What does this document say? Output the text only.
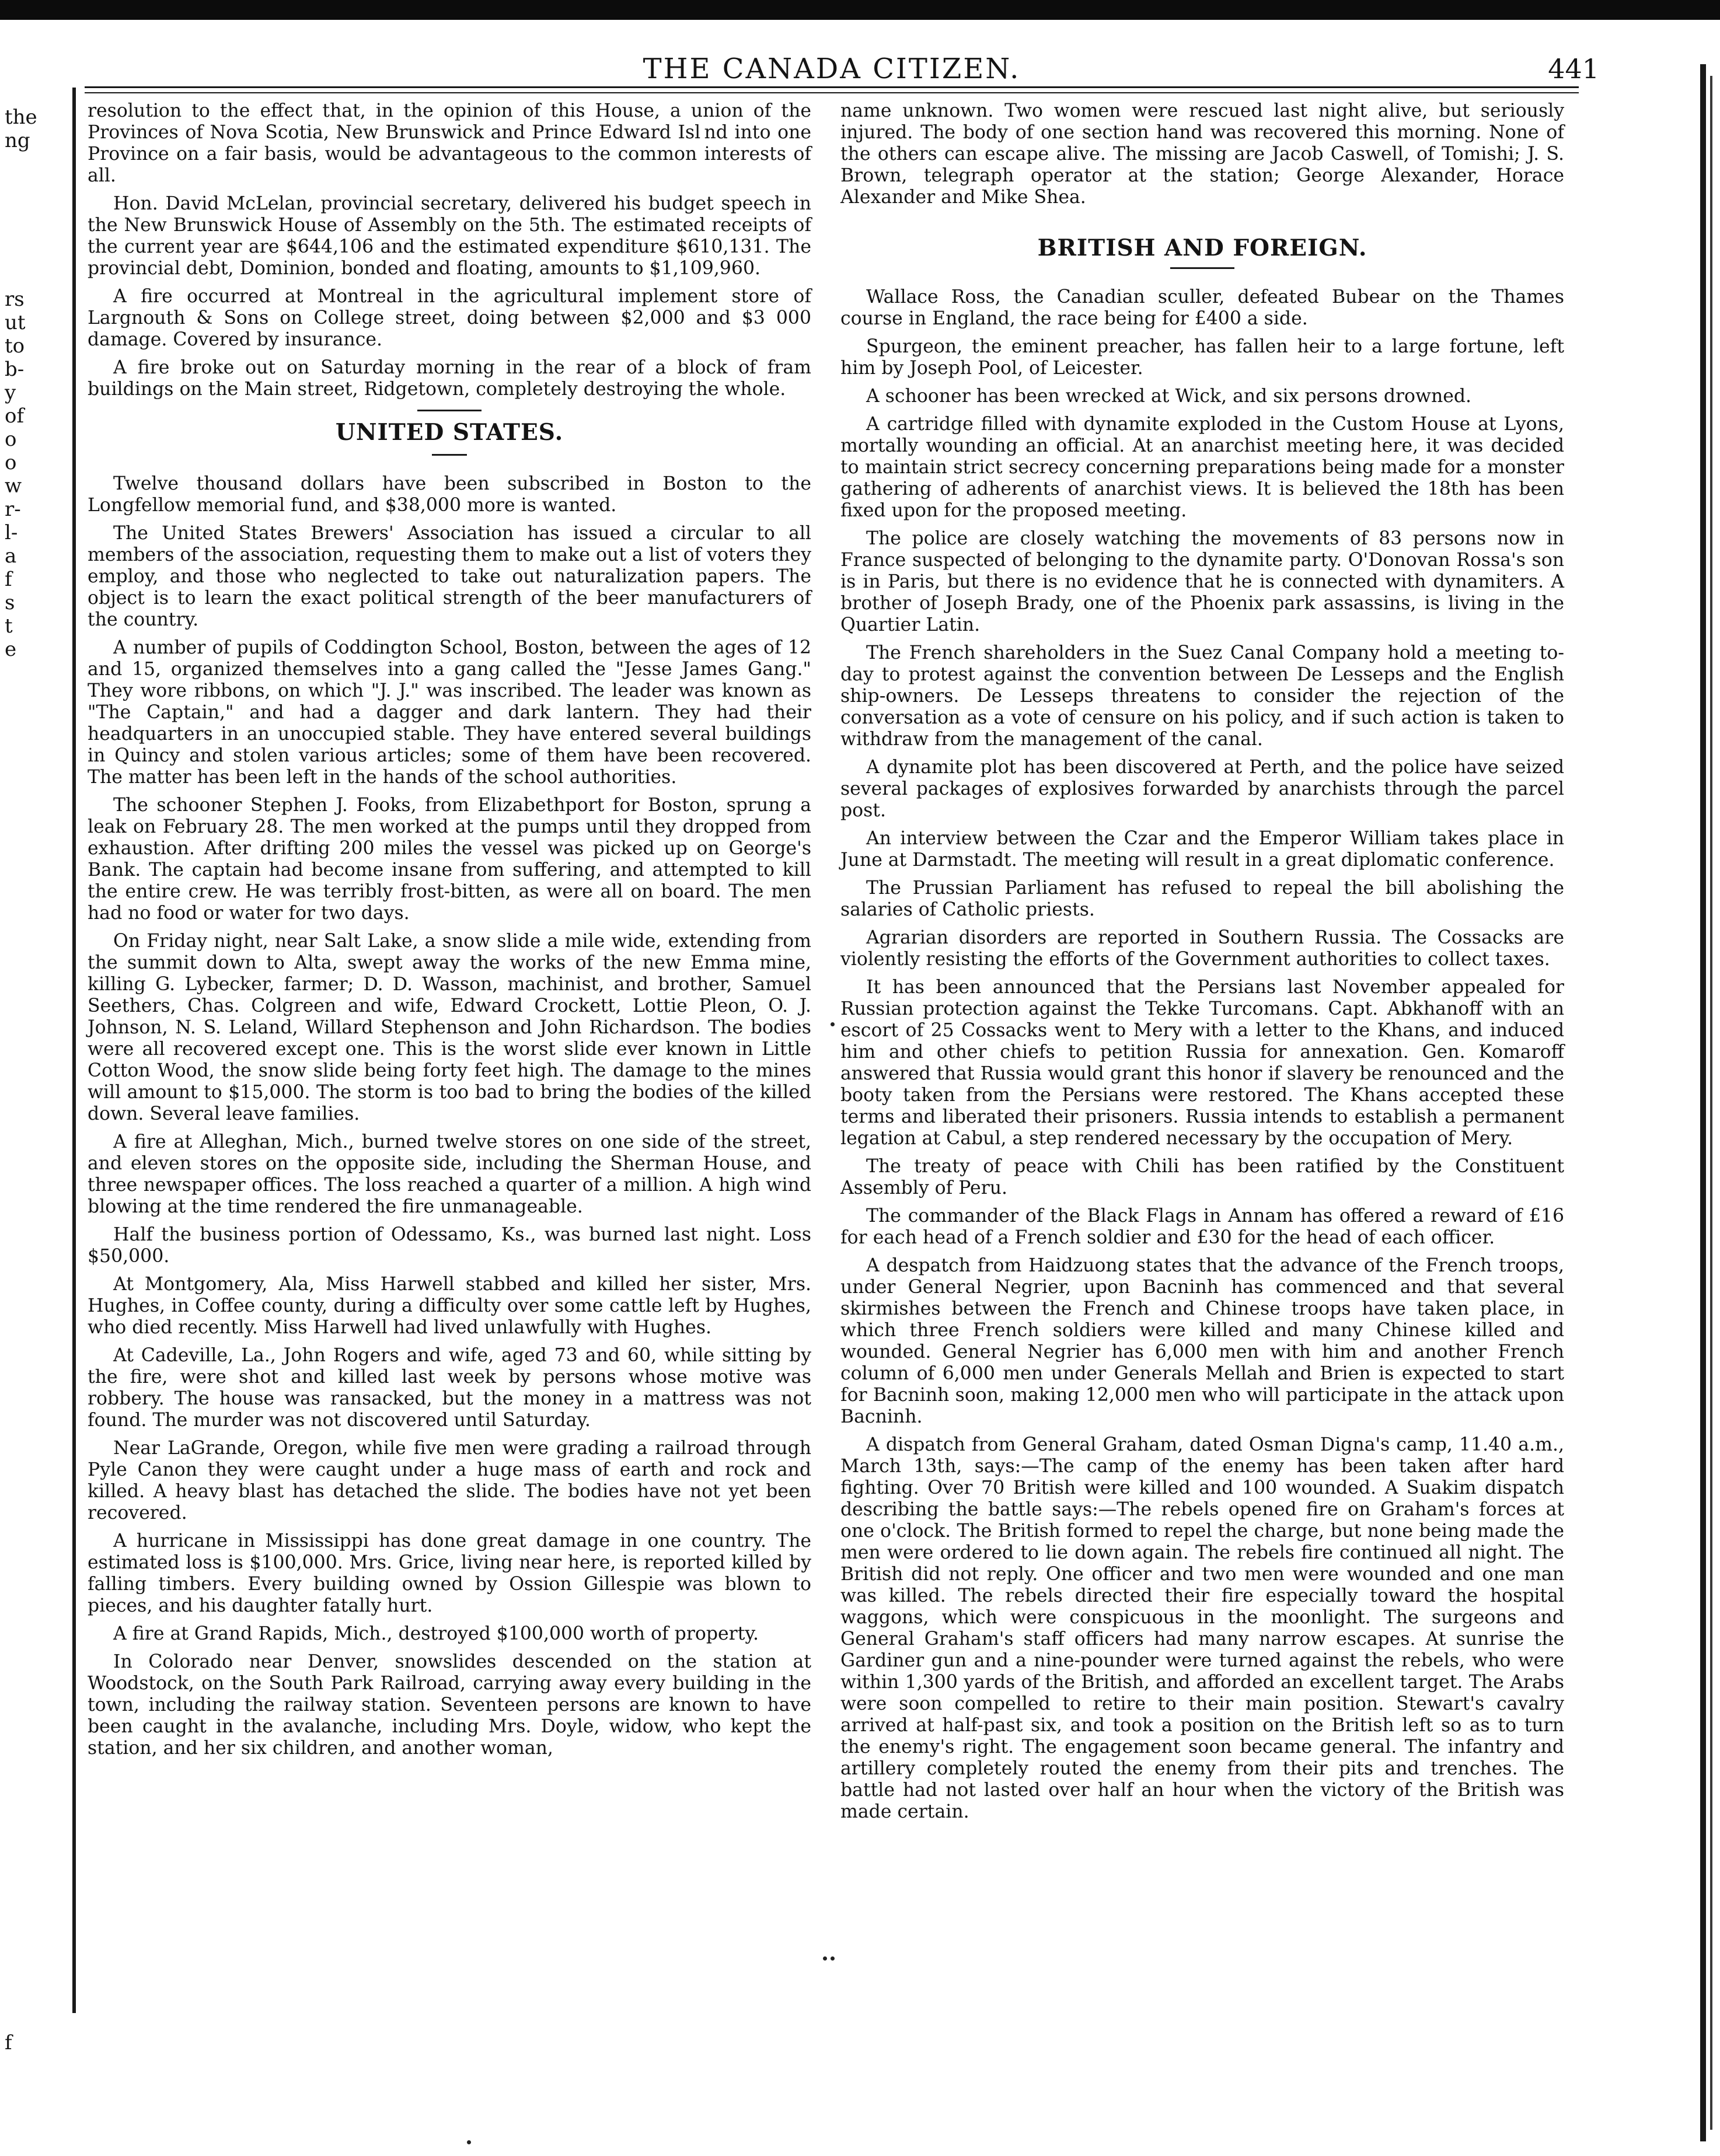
the
ng
rs
ut
to
b-
y
of
o
o
w
r-
l-
a
f
s
t
e
f
THE CANADA CITIZEN.	441

resolution to the effect that, in the opinion of this House, a union of the Provinces of Nova Scotia, New Brunswick and Prince Edward Isl nd into one Province on a fair basis, would be advantageous to the common interests of all.

Hon. David McLelan, provincial secretary, delivered his budget speech in the New Brunswick House of Assembly on the 5th. The estimated receipts of the current year are $644,106 and the estimated expenditure $610,131. The provincial debt, Dominion, bonded and floating, amounts to $1,109,960.

A fire occurred at Montreal in the agricultural implement store of Largnouth & Sons on College street, doing between $2,000 and $3 000 damage. Covered by insurance.

A fire broke out on Saturday morning in the rear of a block of fram buildings on the Main street, Ridgetown, completely destroying the whole.

UNITED STATES.

Twelve thousand dollars have been subscribed in Boston to the Longfellow memorial fund, and $38,000 more is wanted.

The United States Brewers' Association has issued a circular to all members of the association, requesting them to make out a list of voters they employ, and those who neglected to take out naturalization papers. The object is to learn the exact political strength of the beer manufacturers of the country.

A number of pupils of Coddington School, Boston, between the ages of 12 and 15, organized themselves into a gang called the "Jesse James Gang." They wore ribbons, on which "J. J." was inscribed. The leader was known as "The Captain," and had a dagger and dark lantern. They had their headquarters in an unoccupied stable. They have entered several buildings in Quincy and stolen various articles; some of them have been recovered. The matter has been left in the hands of the school authorities.

The schooner Stephen J. Fooks, from Elizabethport for Boston, sprung a leak on February 28. The men worked at the pumps until they dropped from exhaustion. After drifting 200 miles the vessel was picked up on George's Bank. The captain had become insane from suffering, and attempted to kill the entire crew. He was terribly frost-bitten, as were all on board. The men had no food or water for two days.

On Friday night, near Salt Lake, a snow slide a mile wide, extending from the summit down to Alta, swept away the works of the new Emma mine, killing G. Lybecker, farmer; D. D. Wasson, machinist, and brother, Samuel Seethers, Chas. Colgreen and wife, Edward Crockett, Lottie Pleon, O. J. Johnson, N. S. Leland, Willard Stephenson and John Richardson. The bodies were all recovered except one. This is the worst slide ever known in Little Cotton Wood, the snow slide being forty feet high. The damage to the mines will amount to $15,000. The storm is too bad to bring the bodies of the killed down. Several leave families.

A fire at Alleghan, Mich., burned twelve stores on one side of the street, and eleven stores on the opposite side, including the Sherman House, and three newspaper offices. The loss reached a quarter of a million. A high wind blowing at the time rendered the fire unmanageable.

Half the business portion of Odessamo, Ks., was burned last night. Loss $50,000.

At Montgomery, Ala, Miss Harwell stabbed and killed her sister, Mrs. Hughes, in Coffee county, during a difficulty over some cattle left by Hughes, who died recently. Miss Harwell had lived unlawfully with Hughes.

At Cadeville, La., John Rogers and wife, aged 73 and 60, while sitting by the fire, were shot and killed last week by persons whose motive was robbery. The house was ransacked, but the money in a mattress was not found. The murder was not discovered until Saturday.

Near LaGrande, Oregon, while five men were grading a railroad through Pyle Canon they were caught under a huge mass of earth and rock and killed. A heavy blast has detached the slide. The bodies have not yet been recovered.

A hurricane in Mississippi has done great damage in one country. The estimated loss is $100,000. Mrs. Grice, living near here, is reported killed by falling timbers. Every building owned by Ossion Gillespie was blown to pieces, and his daughter fatally hurt.

A fire at Grand Rapids, Mich., destroyed $100,000 worth of property.

In Colorado near Denver, snowslides descended on the station at Woodstock, on the South Park Railroad, carrying away every building in the town, including the railway station. Seventeen persons are known to have been caught in the avalanche, including Mrs. Doyle, widow, who kept the station, and her six children, and another woman,

name unknown. Two women were rescued last night alive, but seriously injured. The body of one section hand was recovered this morning. None of the others can escape alive. The missing are Jacob Caswell, of Tomishi; J. S. Brown, telegraph operator at the station; George Alexander, Horace Alexander and Mike Shea.

BRITISH AND FOREIGN.

Wallace Ross, the Canadian sculler, defeated Bubear on the Thames course in England, the race being for £400 a side.

Spurgeon, the eminent preacher, has fallen heir to a large fortune, left him by Joseph Pool, of Leicester.

A schooner has been wrecked at Wick, and six persons drowned.

A cartridge filled with dynamite exploded in the Custom House at Lyons, mortally wounding an official. At an anarchist meeting here, it was decided to maintain strict secrecy concerning preparations being made for a monster gathering of adherents of anarchist views. It is believed the 18th has been fixed upon for the proposed meeting.

The police are closely watching the movements of 83 persons now in France suspected of belonging to the dynamite party. O'Donovan Rossa's son is in Paris, but there is no evidence that he is connected with dynamiters. A brother of Joseph Brady, one of the Phoenix park assassins, is living in the Quartier Latin.

The French shareholders in the Suez Canal Company hold a meeting to-day to protest against the convention between De Lesseps and the English ship-owners. De Lesseps threatens to consider the rejection of the conversation as a vote of censure on his policy, and if such action is taken to withdraw from the management of the canal.

A dynamite plot has been discovered at Perth, and the police have seized several packages of explosives forwarded by anarchists through the parcel post.

An interview between the Czar and the Emperor William takes place in June at Darmstadt. The meeting will result in a great diplomatic conference.

The Prussian Parliament has refused to repeal the bill abolishing the salaries of Catholic priests.

Agrarian disorders are reported in Southern Russia. The Cossacks are violently resisting the efforts of the Government authorities to collect taxes.

It has been announced that the Persians last November appealed for Russian protection against the Tekke Turcomans. Capt. Abkhanoff with an escort of 25 Cossacks went to Mery with a letter to the Khans, and induced him and other chiefs to petition Russia for annexation. Gen. Komaroff answered that Russia would grant this honor if slavery be renounced and the booty taken from the Persians were restored. The Khans accepted these terms and liberated their prisoners. Russia intends to establish a permanent legation at Cabul, a step rendered necessary by the occupation of Mery.

The treaty of peace with Chili has been ratified by the Constituent Assembly of Peru.

The commander of the Black Flags in Annam has offered a reward of £16 for each head of a French soldier and £30 for the head of each officer.

A despatch from Haidzuong states that the advance of the French troops, under General Negrier, upon Bacninh has commenced and that several skirmishes between the French and Chinese troops have taken place, in which three French soldiers were killed and many Chinese killed and wounded. General Negrier has 6,000 men with him and another French column of 6,000 men under Generals Mellah and Brien is expected to start for Bacninh soon, making 12,000 men who will participate in the attack upon Bacninh.

A dispatch from General Graham, dated Osman Digna's camp, 11.40 a.m., March 13th, says:—The camp of the enemy has been taken after hard fighting. Over 70 British were killed and 100 wounded. A Suakim dispatch describing the battle says:—The rebels opened fire on Graham's forces at one o'clock. The British formed to repel the charge, but none being made the men were ordered to lie down again. The rebels fire continued all night. The British did not reply. One officer and two men were wounded and one man was killed. The rebels directed their fire especially toward the hospital waggons, which were conspicuous in the moonlight. The surgeons and General Graham's staff officers had many narrow escapes. At sunrise the Gardiner gun and a nine-pounder were turned against the rebels, who were within 1,300 yards of the British, and afforded an excellent target. The Arabs were soon compelled to retire to their main position. Stewart's cavalry arrived at half-past six, and took a position on the British left so as to turn the enemy's right. The engagement soon became general. The infantry and artillery completely routed the enemy from their pits and trenches. The battle had not lasted over half an hour when the victory of the British was made certain.
